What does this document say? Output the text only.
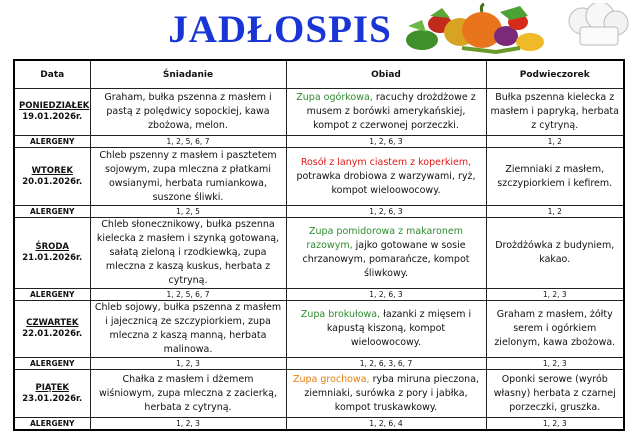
JADŁOSPIS
Data	Śniadanie	Obiad	Podwieczorek

PONIEDZIAŁEK
19.01.2026r.	Graham, bułka pszenna z masłem i pastą z polędwicy sopockiej, kawa zbożowa, melon.	Zupa ogórkowa, racuchy drożdżowe z musem z borówki amerykańskiej, kompot z czerwonej porzeczki.	Bułka pszenna kielecka z masłem i papryką, herbata z cytryną.
ALERGENY	1, 2, 5, 6, 7	1, 2, 6, 3	1, 2

WTOREK
20.01.2026r.	Chleb pszenny z masłem i pasztetem sojowym, zupa mleczna z płatkami owsianymi, herbata rumiankowa, suszone śliwki.	Rosół z lanym ciastem z koperkiem, potrawka drobiowa z warzywami, ryż, kompot wieloowocowy.	Ziemniaki z masłem, szczypiorkiem i kefirem.
ALERGENY	1, 2, 5	1, 2, 6, 3	1, 2

ŚRODA
21.01.2026r.	Chleb słonecznikowy, bułka pszenna kielecka z masłem i szynką gotowaną, sałatą zieloną i rzodkiewką, zupa mleczna z kaszą kuskus, herbata z cytryną.	Zupa pomidorowa z makaronem razowym, jajko gotowane w sosie chrzanowym, pomarańcze, kompot śliwkowy.	Drożdżówka z budyniem, kakao.
ALERGENY	1, 2, 5, 6, 7	1, 2, 6, 3	1, 2, 3

CZWARTEK
22.01.2026r.	Chleb sojowy, bułka pszenna z masłem i jajecznicą ze szczypiorkiem, zupa mleczna z kaszą manną, herbata malinowa.	Zupa brokułowa, łazanki z mięsem i kapustą kiszoną, kompot wieloowocowy.	Graham z masłem, żółty serem i ogórkiem zielonym, kawa zbożowa.
ALERGENY	1, 2, 3	1, 2, 6, 3, 6, 7	1, 2, 3

PIĄTEK
23.01.2026r.	Chałka z masłem i dżemem wiśniowym, zupa mleczna z zacierką, herbata z cytryną.	Zupa grochowa, ryba miruna pieczona, ziemniaki, surówka z pory i jabłka, kompot truskawkowy.	Oponki serowe (wyrób własny) herbata z czarnej porzeczki, gruszka.
ALERGENY	1, 2, 3	1, 2, 6, 4	1, 2, 3
